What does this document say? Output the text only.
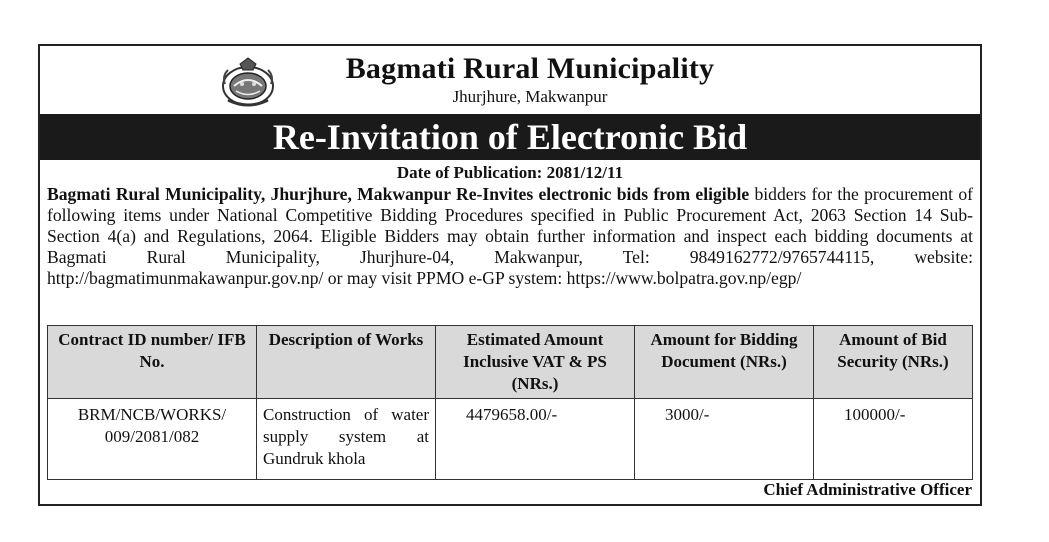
Bagmati Rural Municipality
Jhurjhure, Makwanpur
Re-Invitation of Electronic Bid
Date of Publication: 2081/12/11
Bagmati Rural Municipality, Jhurjhure, Makwanpur Re-Invites electronic bids from eligible bidders for the procurement of following items under National Competitive Bidding Procedures specified in Public Procurement Act, 2063 Section 14 Sub-Section 4(a) and Regulations, 2064. Eligible Bidders may obtain further information and inspect each bidding documents at Bagmati Rural Municipality, Jhurjhure-04, Makwanpur, Tel: 9849162772/9765744115, website: http://bagmatimunmakawanpur.gov.np/ or may visit PPMO e-GP system: https://www.bolpatra.gov.np/egp/
Contract ID number/ IFB No.	Description of Works	Estimated Amount Inclusive VAT & PS (NRs.)	Amount for Bidding Document (NRs.)	Amount of Bid Security (NRs.)
BRM/NCB/WORKS/ 009/2081/082	Construction of water supply system at Gundruk khola	4479658.00/-	3000/-	100000/-
Chief Administrative Officer
